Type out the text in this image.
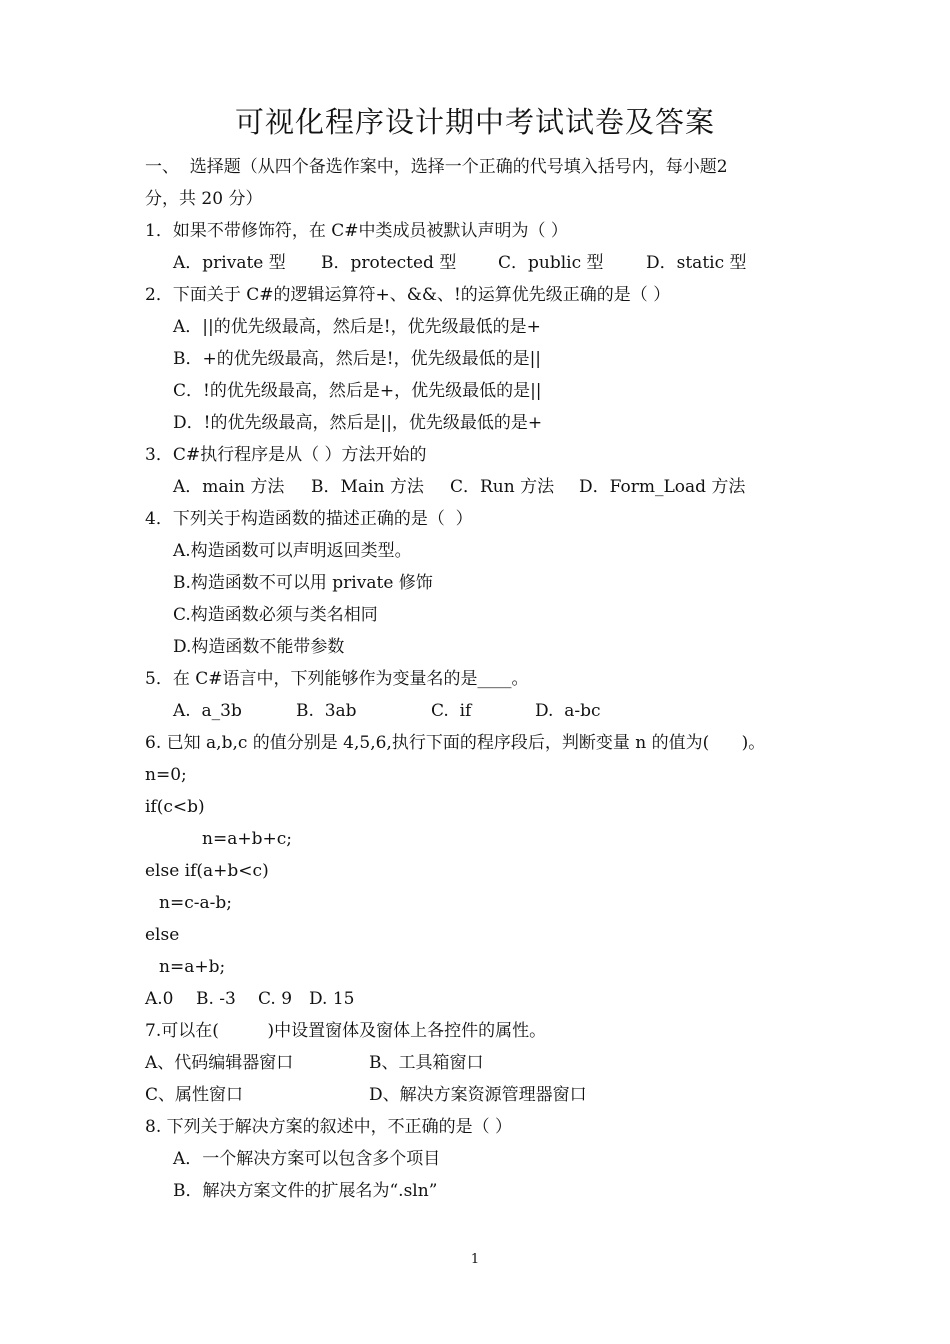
可视化程序设计期中考试试卷及答案
一、  选择题（从四个备选作案中，选择一个正确的代号填入括号内，每小题2
分，共 20 分）
1．如果不带修饰符，在 C#中类成员被默认声明为（ ）

A．private 型

B．protected 型

C．public 型

D．static 型

2．下面关于 C#的逻辑运算符+、&&、!的运算优先级正确的是（ ）
A．||的优先级最高，然后是!，优先级最低的是+
B．+的优先级最高，然后是!，优先级最低的是||
C．!的优先级最高，然后是+，优先级最低的是||
D．!的优先级最高，然后是||，优先级最低的是+
3．C#执行程序是从（ ）方法开始的

A．main 方法

B．Main 方法

C．Run 方法

D．Form_Load 方法

4．下列关于构造函数的描述正确的是（  ）
A.构造函数可以声明返回类型。
B.构造函数不可以用 private 修饰
C.构造函数必须与类名相同
D.构造函数不能带参数
5．在 C#语言中，下列能够作为变量名的是____。

A.  a_3b

	B.  3ab

	C.  if

	D.  a-bc

6. 已知 a,b,c 的值分别是 4,5,6,执行下面的程序段后，判断变量 n 的值为(      )。
n=0;
if(c<b)
n=a+b+c;
else if(a+b<c)
n=c-a-b;
else
n=a+b;

A.0

B. -3

C. 9

D. 15

7.可以在(         )中设置窗体及窗体上各控件的属性。

A、代码编辑器窗口

	B、工具箱窗口

C、属性窗口

	D、解决方案资源管理器窗口

8. 下列关于解决方案的叙述中，不正确的是（ ）
A．一个解决方案可以包含多个项目
B．解决方案文件的扩展名为“.sln”
1
